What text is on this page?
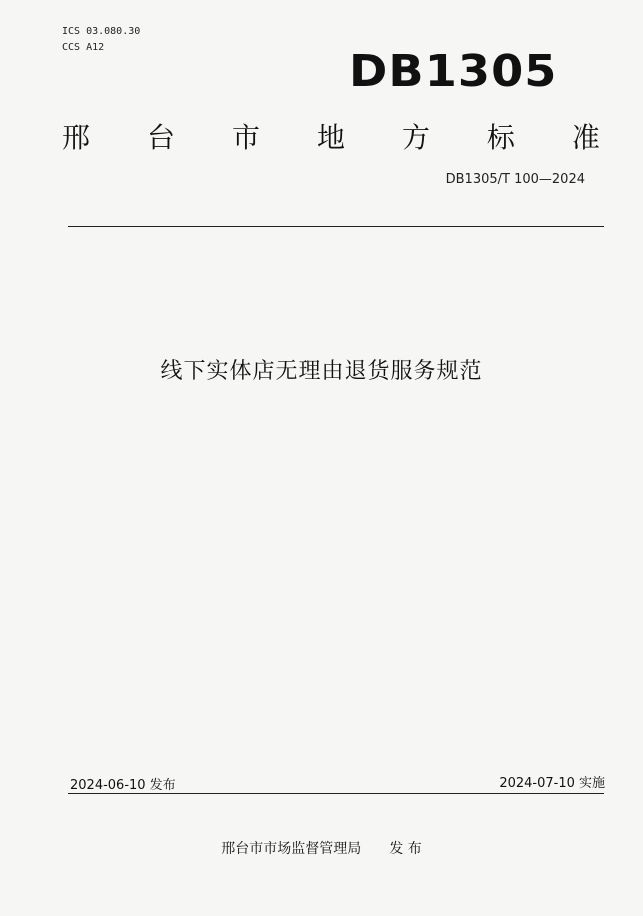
ICS 03.080.30
CCS A12	DB1305
邢 台 市 地 方 标 准
DB1305/T 100—2024
线下实体店无理由退货服务规范
2024-06-10 发布	2024-07-10 实施
邢台市市场监督管理局 发 布
